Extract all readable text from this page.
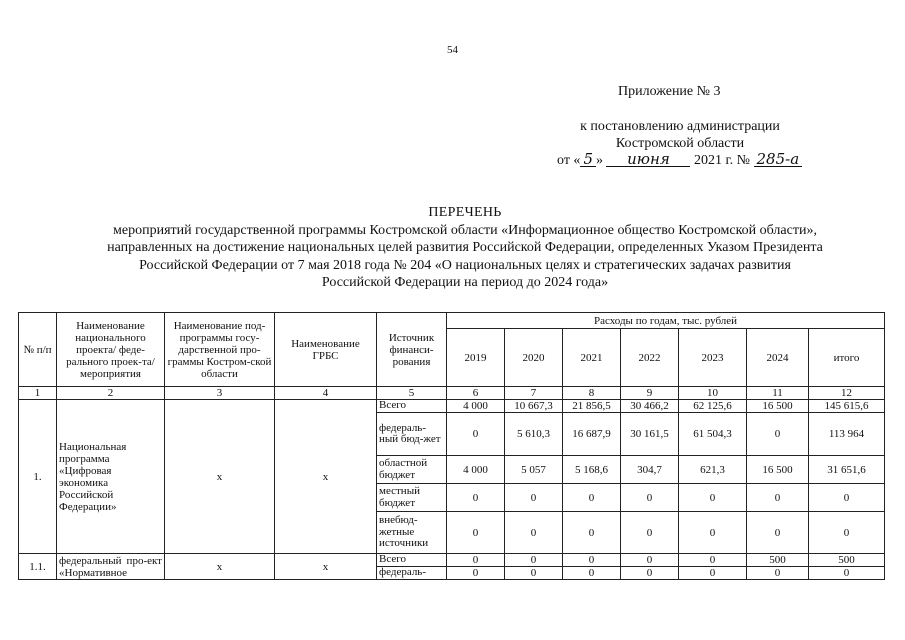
54
Приложение № 3
к постановлению администрации
Костромской области
от « 5 » июня 2021 г. № 285-а
ПЕРЕЧЕНЬ
мероприятий государственной программы Костромской области «Информационное общество Костромской области»,
направленных на достижение национальных целей развития Российской Федерации, определенных Указом Президента
Российской Федерации от 7 мая 2018 года № 204 «О национальных целях и стратегических задачах развития
Российской Федерации на период до 2024 года»
№ п/п	Наименование национального проекта/ феде-рального проек-та/мероприятия	Наименование под-программы госу-дарственной про-граммы Костром-ской области	Наименование ГРБС	Источник финанси-рования	Расходы по годам, тыс. рублей						
					2019	2020	2021	2022	2023	2024	итого
1	2	3	4	5	6	7	8	9	10	11	12
1.	Национальная программа «Цифровая экономика Российской Федерации»	х	х	Всего	4 000	10 667,3	21 856,5	30 466,2	62 125,6	16 500	145 615,6
				федераль-ный бюд-жет	0	5 610,3	16 687,9	30 161,5	61 504,3	0	113 964
				областной бюджет	4 000	5 057	5 168,6	304,7	621,3	16 500	31 651,6
				местный бюджет	0	0	0	0	0	0	0
				внебюд-жетные источники	0	0	0	0	0	0	0
1.1.	федеральный про-ект «Нормативное	х	х	Всего	0	0	0	0	0	500	500
				федераль-	0	0	0	0	0	0	0
